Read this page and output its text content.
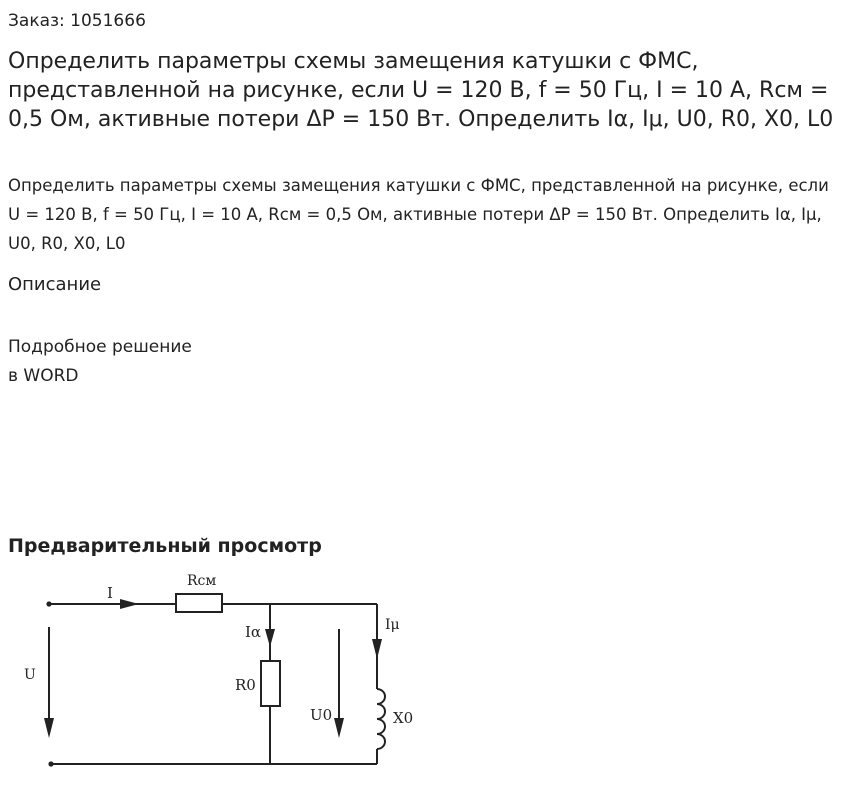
Заказ: 1051666

Определить параметры схемы замещения катушки с ФМС, представленной на рисунке, если U = 120 В, f = 50 Гц, I = 10 А, Rсм = 0,5 Ом, активные потери ΔР = 150 Вт. Определить Iα, Iμ, U0, R0, X0, L0

Определить параметры схемы замещения катушки с ФМС, представленной на рисунке, если U = 120 В, f = 50 Гц, I = 10 А, Rсм = 0,5 Ом, активные потери ΔР = 150 Вт. Определить Iα, Iμ, U0, R0, X0, L0

Описание

Подробное решение
в WORD

Предварительный просмотр
I
Rсм
Iα	Iμ
U
R0
U0	X0
